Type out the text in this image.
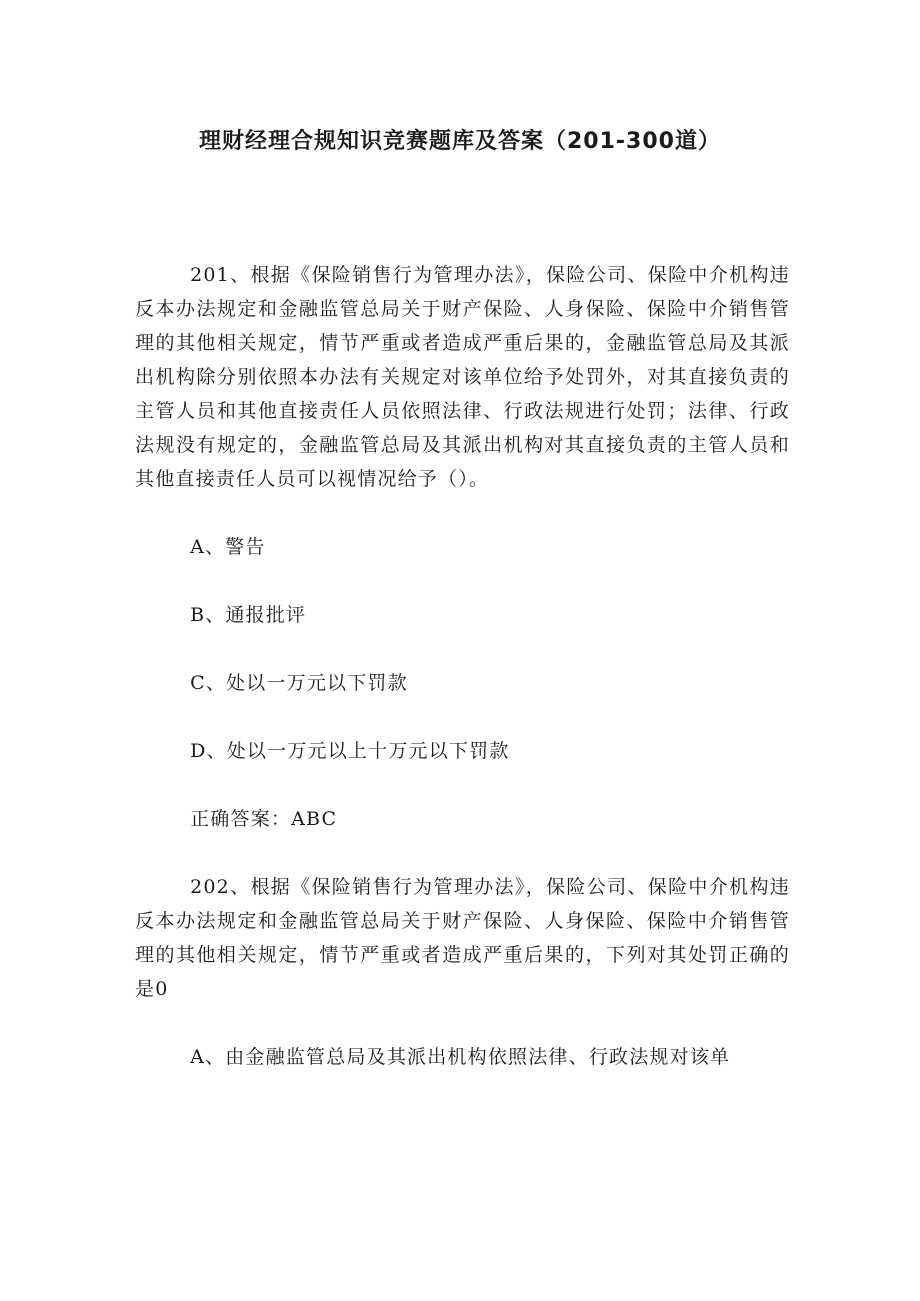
理财经理合规知识竞赛题库及答案（201-300道）

201、根据《保险销售行为管理办法》，保险公司、保险中介机构违反本办法规定和金融监管总局关于财产保险、人身保险、保险中介销售管理的其他相关规定，情节严重或者造成严重后果的，金融监管总局及其派出机构除分别依照本办法有关规定对该单位给予处罚外，对其直接负责的主管人员和其他直接责任人员依照法律、行政法规进行处罚；法律、行政法规没有规定的，金融监管总局及其派出机构对其直接负责的主管人员和其他直接责任人员可以视情况给予（）。

A、警告

B、通报批评

C、处以一万元以下罚款

D、处以一万元以上十万元以下罚款

正确答案：ABC

202、根据《保险销售行为管理办法》，保险公司、保险中介机构违反本办法规定和金融监管总局关于财产保险、人身保险、保险中介销售管理的其他相关规定，情节严重或者造成严重后果的，下列对其处罚正确的是0

A、由金融监管总局及其派出机构依照法律、行政法规对该单
